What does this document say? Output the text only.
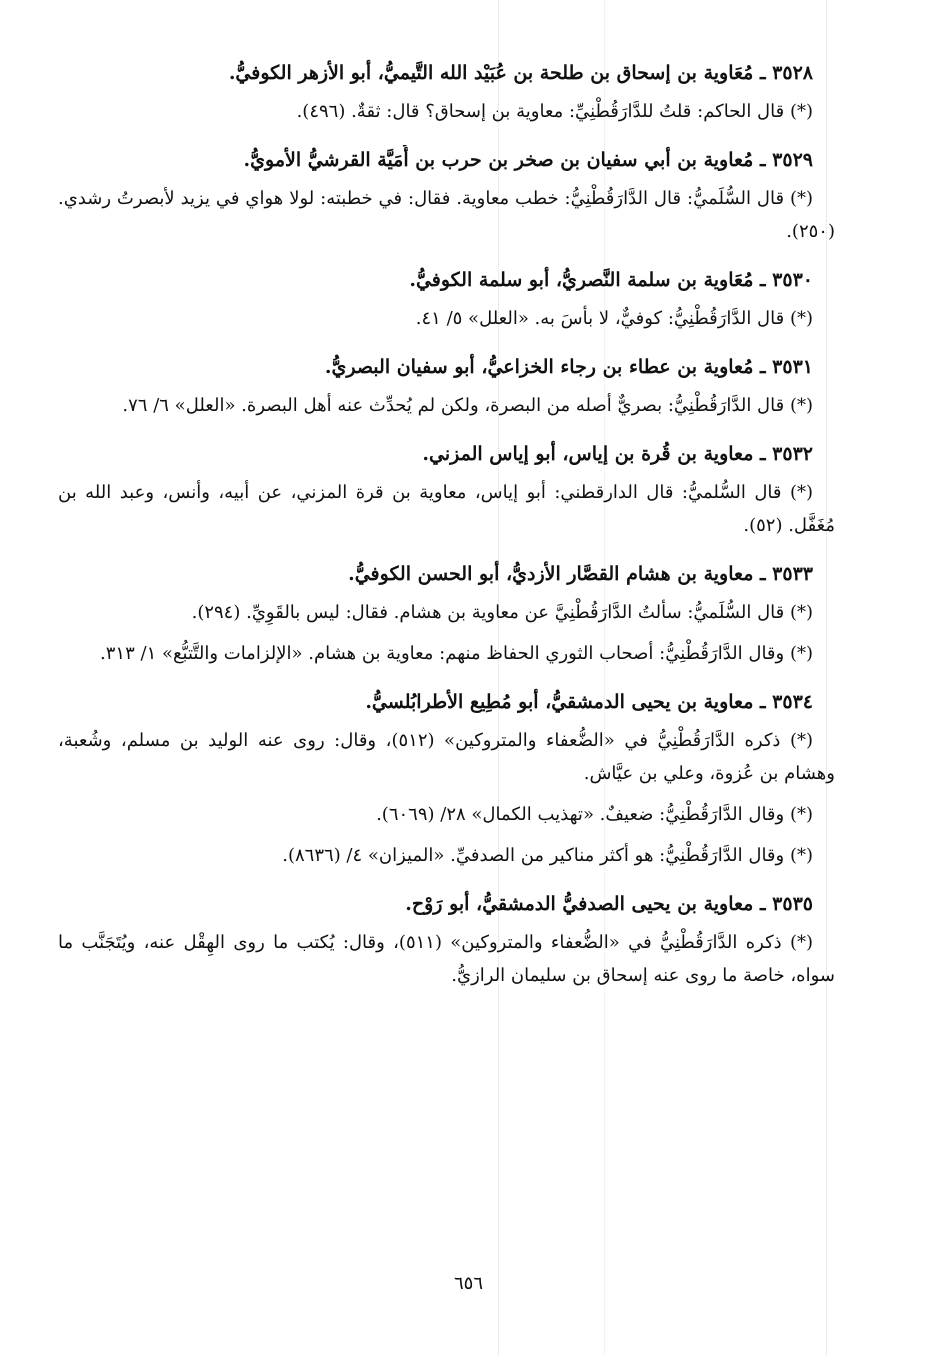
٣٥٢٨ ـ مُعَاوية بن إسحاق بن طلحة بن عُبَيْد الله التَّيميُّ، أبو الأزهر الكوفيُّ.

(*) قال الحاكم: قلتُ للدَّارَقُطْنِيِّ: معاوية بن إسحاق؟ قال: ثقةٌ. (٤٩٦).

٣٥٢٩ ـ مُعاوية بن أبي سفيان بن صخر بن حرب بن أُمَيَّة القرشيُّ الأمويُّ.

(*) قال السُّلَميُّ: قال الدَّارَقُطْنِيُّ: خطب معاوية. فقال: في خطبته: لولا هواي في يزيد لأبصرتُ رشدي. (٢٥٠).

٣٥٣٠ ـ مُعَاوية بن سلمة النَّصريُّ، أبو سلمة الكوفيُّ.

(*) قال الدَّارَقُطْنِيُّ: كوفيٌّ، لا بأسَ به. «العلل» ٥/ ٤١.

٣٥٣١ ـ مُعاوية بن عطاء بن رجاء الخزاعيُّ، أبو سفيان البصريُّ.

(*) قال الدَّارَقُطْنِيُّ: بصريٌّ أصله من البصرة، ولكن لم يُحدِّث عنه أهل البصرة. «العلل» ٦/ ٧٦.

٣٥٣٢ ـ معاوية بن قُرة بن إياس، أبو إياس المزني.

(*) قال السُّلميُّ: قال الدارقطني: أبو إياس، معاوية بن قرة المزني، عن أبيه، وأنس، وعبد الله بن مُغَفَّل. (٥٢).

٣٥٣٣ ـ معاوية بن هشام القصَّار الأزديُّ، أبو الحسن الكوفيُّ.

(*) قال السُّلَميُّ: سألتُ الدَّارَقُطْنِيَّ عن معاوية بن هشام. فقال: ليس بالقَوِيِّ. (٢٩٤).

(*) وقال الدَّارَقُطْنِيُّ: أصحاب الثوري الحفاظ منهم: معاوية بن هشام. «الإلزامات والتَّتبُّع» ١/ ٣١٣.

٣٥٣٤ ـ معاوية بن يحيى الدمشقيُّ، أبو مُطِيع الأطرابُلسيُّ.

(*) ذكره الدَّارَقُطْنِيُّ في «الضُّعفاء والمتروكين» (٥١٢)، وقال: روى عنه الوليد بن مسلم، وشُعبة، وهشام بن عُزوة، وعلي بن عيَّاش.

(*) وقال الدَّارَقُطْنِيُّ: ضعيفٌ. «تهذيب الكمال» ٢٨/ (٦٠٦٩).

(*) وقال الدَّارَقُطْنِيُّ: هو أكثر مناكير من الصدفيِّ. «الميزان» ٤/ (٨٦٣٦).

٣٥٣٥ ـ معاوية بن يحيى الصدفيُّ الدمشقيُّ، أبو رَوْح.

(*) ذكره الدَّارَقُطْنِيُّ في «الضُّعفاء والمتروكين» (٥١١)، وقال: يُكتب ما روى الهِقْل عنه، ويُتَجَنَّب ما سواه، خاصة ما روى عنه إسحاق بن سليمان الرازيُّ.

٦٥٦
